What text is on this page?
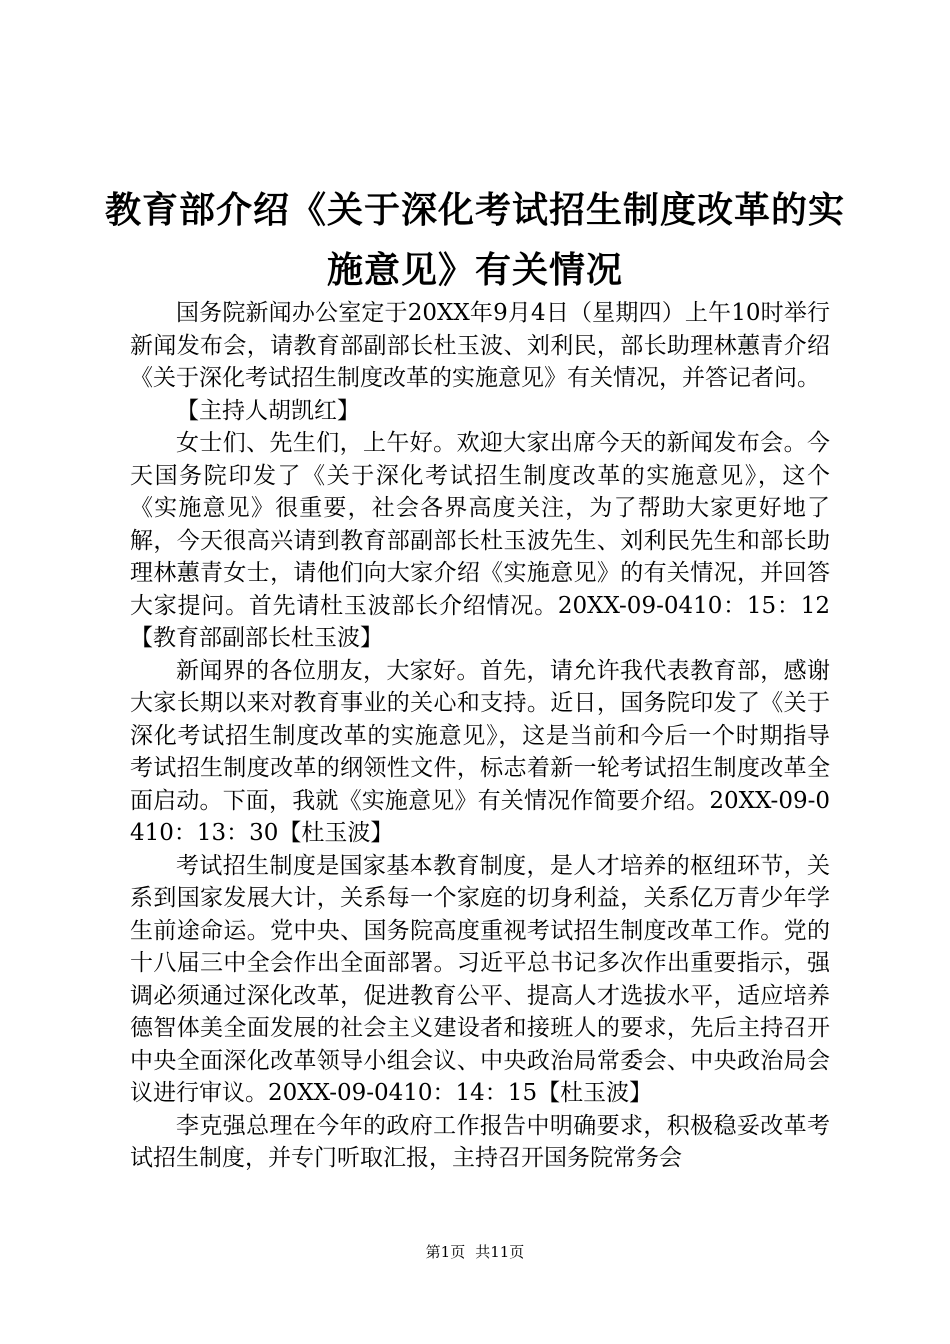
教育部介绍《关于深化考试招生制度改革的实施意见》有关情况

国务院新闻办公室定于20XX年9月4日（星期四）上午10时举行新闻发布会，请教育部副部长杜玉波、刘利民，部长助理林蕙青介绍《关于深化考试招生制度改革的实施意见》有关情况，并答记者问。

【主持人胡凯红】

女士们、先生们，上午好。欢迎大家出席今天的新闻发布会。今天国务院印发了《关于深化考试招生制度改革的实施意见》，这个《实施意见》很重要，社会各界高度关注，为了帮助大家更好地了解，今天很高兴请到教育部副部长杜玉波先生、刘利民先生和部长助理林蕙青女士，请他们向大家介绍《实施意见》的有关情况，并回答大家提问。首先请杜玉波部长介绍情况。20XX-09-0410：15：12【教育部副部长杜玉波】

新闻界的各位朋友，大家好。首先，请允许我代表教育部，感谢大家长期以来对教育事业的关心和支持。近日，国务院印发了《关于深化考试招生制度改革的实施意见》，这是当前和今后一个时期指导考试招生制度改革的纲领性文件，标志着新一轮考试招生制度改革全面启动。下面，我就《实施意见》有关情况作简要介绍。20XX-09-0410：13：30【杜玉波】

考试招生制度是国家基本教育制度，是人才培养的枢纽环节，关系到国家发展大计，关系每一个家庭的切身利益，关系亿万青少年学生前途命运。党中央、国务院高度重视考试招生制度改革工作。党的十八届三中全会作出全面部署。习近平总书记多次作出重要指示，强调必须通过深化改革，促进教育公平、提高人才选拔水平，适应培养德智体美全面发展的社会主义建设者和接班人的要求，先后主持召开中央全面深化改革领导小组会议、中央政治局常委会、中央政治局会议进行审议。20XX-09-0410：14：15【杜玉波】

李克强总理在今年的政府工作报告中明确要求，积极稳妥改革考试招生制度，并专门听取汇报，主持召开国务院常务会

第1页 共11页
